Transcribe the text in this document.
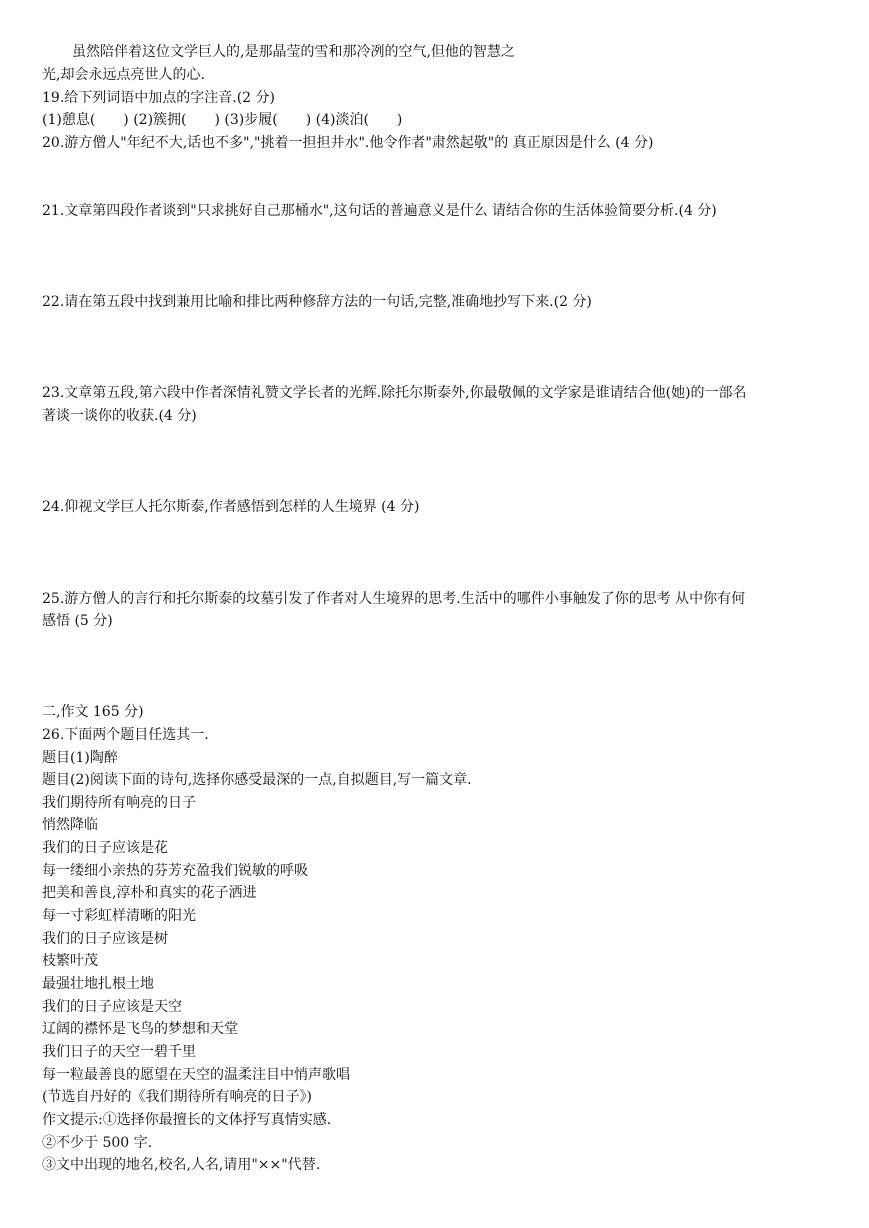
虽然陪伴着这位文学巨人的,是那晶莹的雪和那冷冽的空气,但他的智慧之
光,却会永远点亮世人的心.
19.给下列词语中加点的字注音.(2 分)
(1)憩息(　　) (2)簇拥(　　) (3)步履(　　) (4)淡泊(　　)
20.游方僧人"年纪不大,话也不多","挑着一担担井水".他令作者"肃然起敬"的 真正原因是什么 (4 分)
21.文章第四段作者谈到"只求挑好自己那桶水",这句话的普遍意义是什么 请结合你的生活体验简要分析.(4 分)
22.请在第五段中找到兼用比喻和排比两种修辞方法的一句话,完整,准确地抄写下来.(2 分)
23.文章第五段,第六段中作者深情礼赞文学长者的光辉.除托尔斯泰外,你最敬佩的文学家是谁请结合他(她)的一部名
著谈一谈你的收获.(4 分)
24.仰视文学巨人托尔斯泰,作者感悟到怎样的人生境界 (4 分)
25.游方僧人的言行和托尔斯泰的坟墓引发了作者对人生境界的思考.生活中的哪件小事触发了你的思考 从中你有何
感悟 (5 分)
二,作文 165 分)
26.下面两个题目任选其一.
题目(1)陶醉
题目(2)阅读下面的诗句,选择你感受最深的一点,自拟题目,写一篇文章.
我们期待所有响亮的日子
悄然降临
我们的日子应该是花
每一缕细小亲热的芬芳充盈我们锐敏的呼吸
把美和善良,淳朴和真实的花子洒进
每一寸彩虹样清晰的阳光
我们的日子应该是树
枝繁叶茂
最强壮地扎根土地
我们的日子应该是天空
辽阔的襟怀是飞鸟的梦想和天堂
我们日子的天空一碧千里
每一粒最善良的愿望在天空的温柔注目中悄声歌唱
(节选自丹好的《我们期待所有响亮的日子》)
作文提示:①选择你最擅长的文体抒写真情实感.
②不少于 500 字.
③文中出现的地名,校名,人名,请用"××"代替.
